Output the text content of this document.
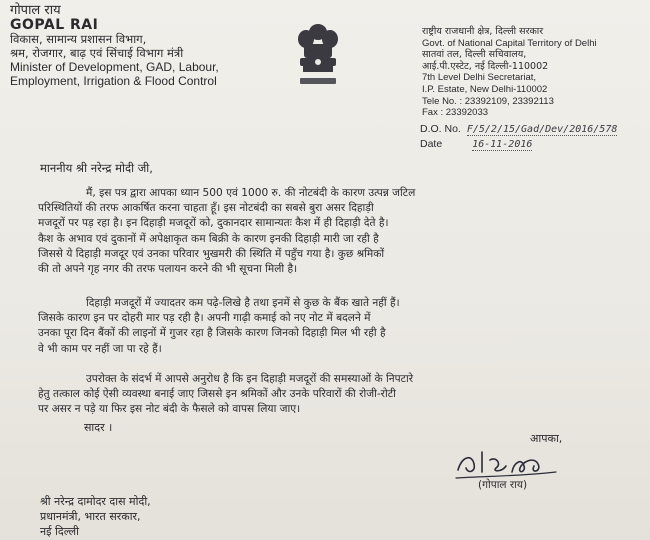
गोपाल राय
GOPAL RAI
विकास, सामान्य प्रशासन विभाग,
श्रम, रोजगार, बाढ़ एवं सिंचाई विभाग मंत्री
Minister of Development, GAD, Labour,
Employment, Irrigation & Flood Control
राष्ट्रीय राजधानी क्षेत्र, दिल्ली सरकार
Govt. of National Capital Territory of Delhi
सातवां तल, दिल्ली सचिवालय,
आई.पी.एस्टेट, नई दिल्ली-110002
7th Level Delhi Secretariat,
I.P. Estate, New Delhi-110002
Tele No. : 23392109, 23392113
Fax : 23392033
D.O. No. F/5/2/15/Gad/Dev/2016/578
Date	16-11-2016
माननीय श्री नरेन्द्र मोदी जी,
मैं, इस पत्र द्वारा आपका ध्यान 500 एवं 1000 रु. की नोटबंदी के कारण उत्पन्न जटिल
परिस्थितियों की तरफ आकर्षित करना चाहता हूँ। इस नोटबंदी का सबसे बुरा असर दिहाड़ी
मजदूरों पर पड़ रहा है। इन दिहाड़ी मजदूरों को, दुकानदार सामान्यतः कैश में ही दिहाड़ी देते है।
कैश के अभाव एवं दुकानों में अपेक्षाकृत कम बिक्री के कारण इनकी दिहाड़ी मारी जा रही है
जिससे ये दिहाड़ी मजदूर एवं उनका परिवार भुखमरी की स्थिति में पहुँच गया है। कुछ श्रमिकों
की तो अपने गृह नगर की तरफ पलायन करने की भी सूचना मिली है।
दिहाड़ी मजदूरों में ज्यादतर कम पढ़े-लिखे है तथा इनमें से कुछ के बैंक खाते नहीं हैं।
जिसके कारण इन पर दोहरी मार पड़ रही है। अपनी गाढ़ी कमाई को नए नोट में बदलने में
उनका पूरा दिन बैंकों की लाइनों में गुजर रहा है जिसके कारण जिनको दिहाड़ी मिल भी रही है
वे भी काम पर नहीं जा पा रहे हैं।
उपरोक्त के संदर्भ में आपसे अनुरोध है कि इन दिहाड़ी मजदूरों की समस्याओं के निपटारे
हेतु तत्काल कोई ऐसी व्यवस्था बनाई जाए जिससे इन श्रमिकों और उनके परिवारों की रोजी-रोटी
पर असर न पड़े या फिर इस नोट बंदी के फैसले को वापस लिया जाए।
सादर ।
आपका,
(गोपाल राय)
श्री नरेन्द्र दामोदर दास मोदी,
प्रधानमंत्री, भारत सरकार,
नई दिल्ली
